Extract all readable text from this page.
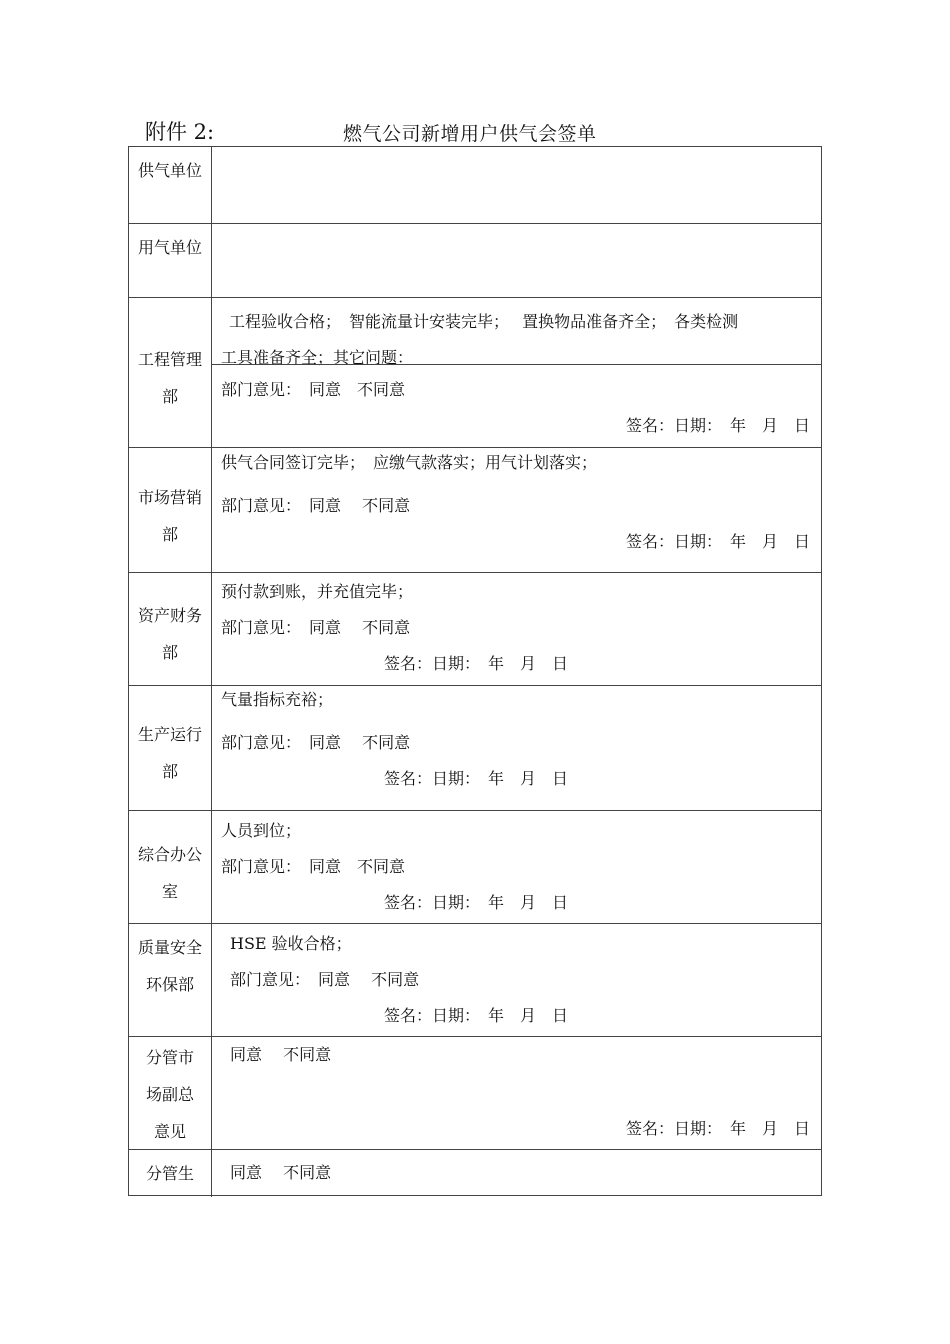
附件 2:	燃气公司新增用户供气会签单
供气单位
用气单位
工程管理
部
工程验收合格；　智能流量计安装完毕；　 置换物品准备齐全；　各类检测
工具准备齐全；其它问题：
部门意见：　同意　不同意
签名：日期：　年　月　日
市场营销
部
供气合同签订完毕；　应缴气款落实；用气计划落实；
部门意见：　同意　 不同意
签名：日期：　年　月　日
资产财务
部
预付款到账，并充值完毕；
部门意见：　同意　 不同意
签名：日期：　年　月　日
生产运行
部
气量指标充裕；
部门意见：　同意　 不同意
签名：日期：　年　月　日
综合办公
室
人员到位；
部门意见：　同意　不同意
签名：日期：　年　月　日
质量安全
环保部
HSE 验收合格；
部门意见：　同意　 不同意
签名：日期：　年　月　日
分管市
场副总
意见
同意　 不同意
签名：日期：　年　月　日
分管生	同意　 不同意
